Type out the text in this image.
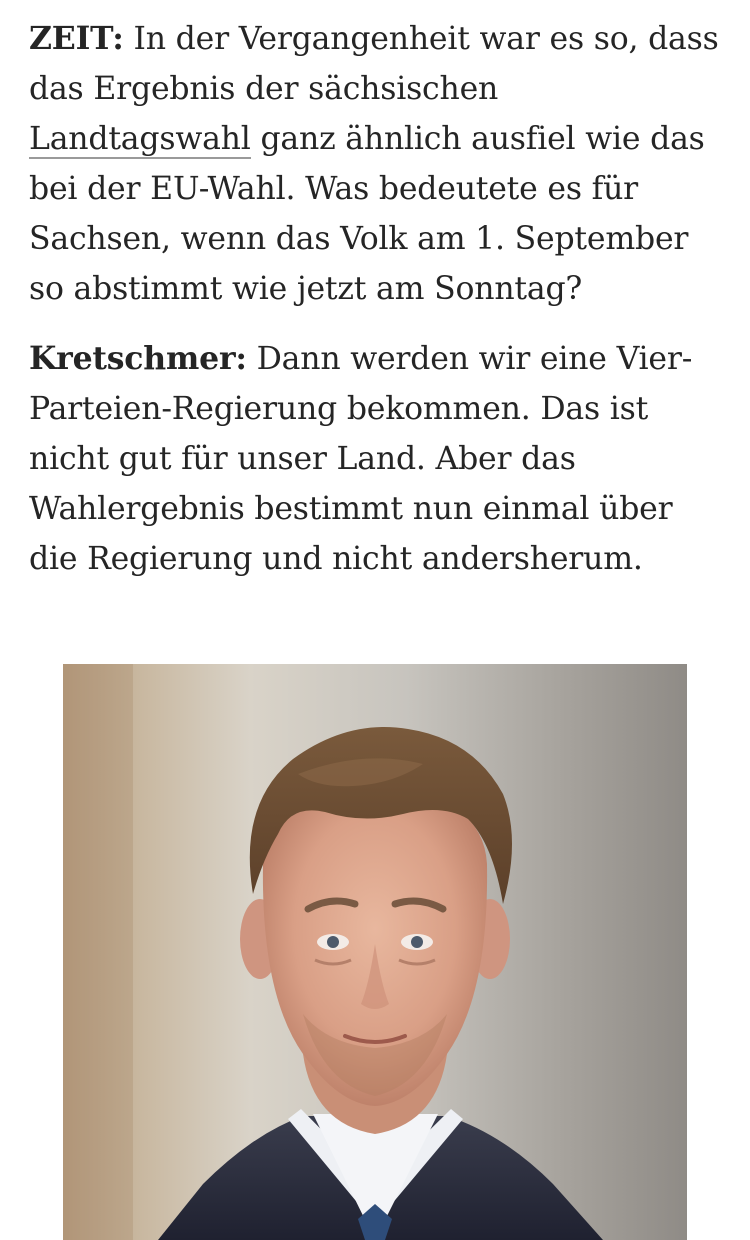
ZEIT: In der Vergangenheit war es so, dass das Ergebnis der sächsischen Landtagswahl ganz ähnlich ausfiel wie das bei der EU-Wahl. Was bedeutete es für Sachsen, wenn das Volk am 1. September so abstimmt wie jetzt am Sonntag?

Kretschmer: Dann werden wir eine Vier-Parteien-Regierung bekommen. Das ist nicht gut für unser Land. Aber das Wahlergebnis bestimmt nun einmal über die Regierung und nicht andersherum.
